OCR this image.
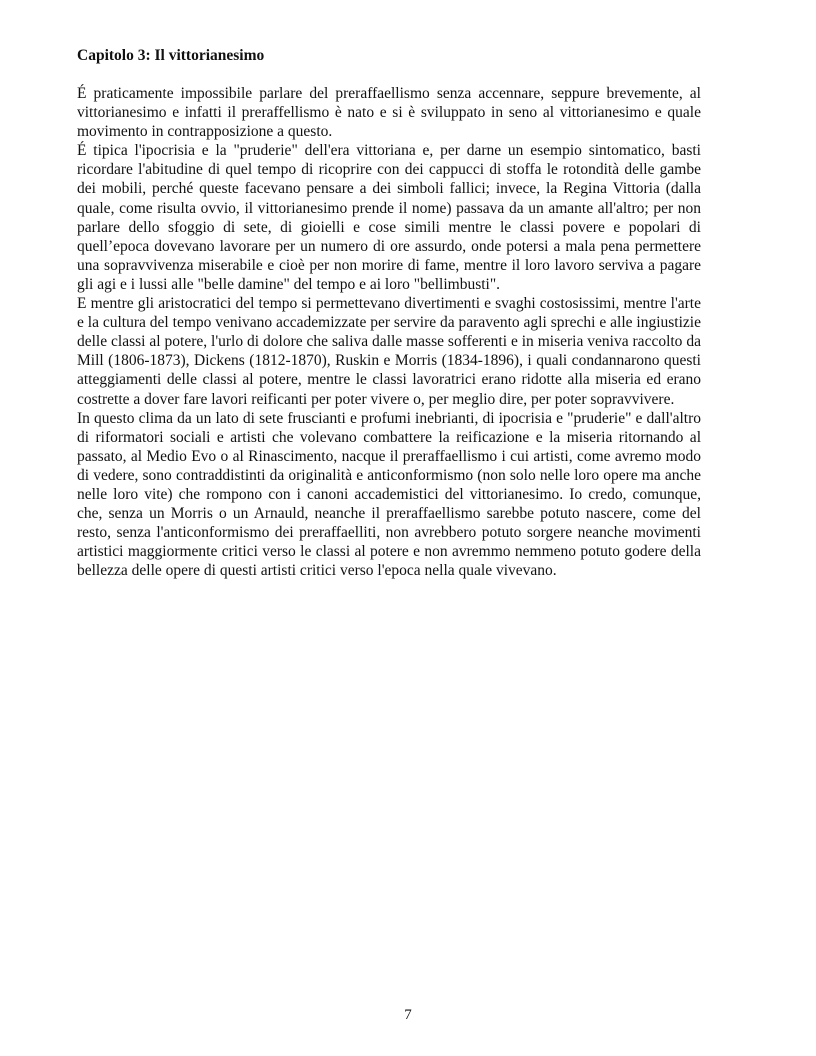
Capitolo 3: Il vittorianesimo

É praticamente impossibile parlare del preraffaellismo senza accennare, seppure brevemente, al vittorianesimo e infatti il preraffellismo è nato e si è sviluppato in seno al vittorianesimo e quale movimento in contrapposizione a questo.

É tipica l'ipocrisia e la "pruderie" dell'era vittoriana e, per darne un esempio sintomatico, basti ricordare l'abitudine di quel tempo di ricoprire con dei cappucci di stoffa le rotondità delle gambe dei mobili, perché queste facevano pensare a dei simboli fallici; invece, la Regina Vittoria (dalla quale, come risulta ovvio, il vittorianesimo prende il nome) passava da un amante all'altro; per non parlare dello sfoggio di sete, di gioielli e cose simili mentre le classi povere e popolari di quell’epoca dovevano lavorare per un numero di ore assurdo, onde potersi a mala pena permettere una sopravvivenza miserabile e cioè per non morire di fame, mentre il loro lavoro serviva a pagare gli agi e i lussi alle "belle damine" del tempo e ai loro "bellimbusti".

E mentre gli aristocratici del tempo si permettevano divertimenti e svaghi costosissimi, mentre l'arte e la cultura del tempo venivano accademizzate per servire da paravento agli sprechi e alle ingiustizie delle classi al potere, l'urlo di dolore che saliva dalle masse sofferenti e in miseria veniva raccolto da Mill (1806-1873), Dickens (1812-1870), Ruskin e Morris (1834-1896), i quali condannarono questi atteggiamenti delle classi al potere, mentre le classi lavoratrici erano ridotte alla miseria ed erano costrette a dover fare lavori reificanti per poter vivere o, per meglio dire, per poter sopravvivere.

In questo clima da un lato di sete fruscianti e profumi inebrianti, di ipocrisia e "pruderie" e dall'altro di riformatori sociali e artisti che volevano combattere la reificazione e la miseria ritornando al passato, al Medio Evo o al Rinascimento, nacque il preraffaellismo i cui artisti, come avremo modo di vedere, sono contraddistinti da originalità e anticonformismo (non solo nelle loro opere ma anche nelle loro vite) che rompono con i canoni accademistici del vittorianesimo. Io credo, comunque, che, senza un Morris o un Arnauld, neanche il preraffaellismo sarebbe potuto nascere, come del resto, senza l'anticonformismo dei preraffaelliti, non avrebbero potuto sorgere neanche movimenti artistici maggiormente critici verso le classi al potere e non avremmo nemmeno potuto godere della bellezza delle opere di questi artisti critici verso l'epoca nella quale vivevano.

7
